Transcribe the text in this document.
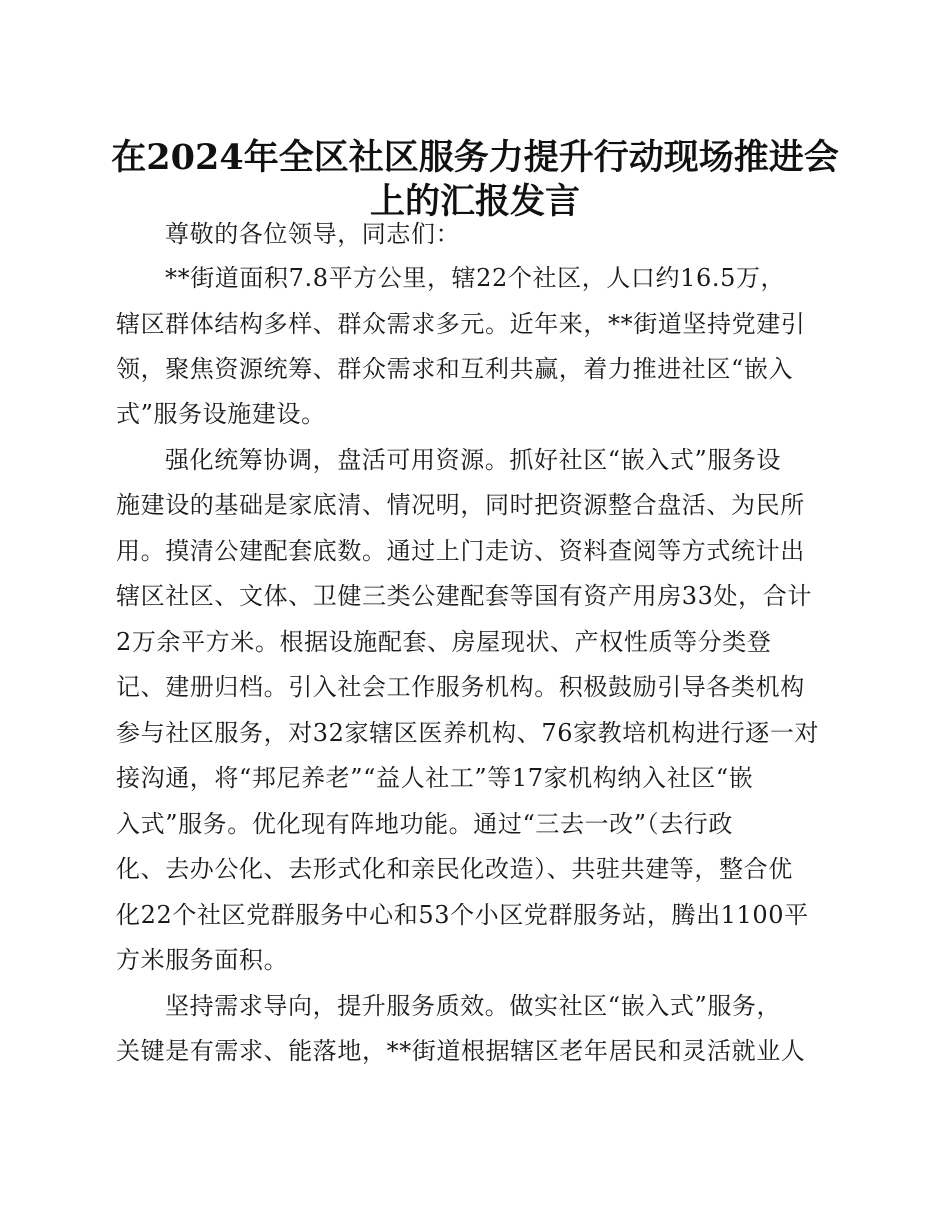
在2024年全区社区服务力提升行动现场推进会
上的汇报发言

尊敬的各位领导，同志们：

**街道面积7.8平方公里，辖22个社区，人口约16.5万，

辖区群体结构多样、群众需求多元。近年来，**街道坚持党建引

领，聚焦资源统筹、群众需求和互利共赢，着力推进社区“嵌入

式”服务设施建设。

强化统筹协调，盘活可用资源。抓好社区“嵌入式”服务设

施建设的基础是家底清、情况明，同时把资源整合盘活、为民所

用。摸清公建配套底数。通过上门走访、资料查阅等方式统计出

辖区社区、文体、卫健三类公建配套等国有资产用房33处，合计

2万余平方米。根据设施配套、房屋现状、产权性质等分类登

记、建册归档。引入社会工作服务机构。积极鼓励引导各类机构

参与社区服务，对32家辖区医养机构、76家教培机构进行逐一对

接沟通，将“邦尼养老”“益人社工”等17家机构纳入社区“嵌

入式”服务。优化现有阵地功能。通过“三去一改”（去行政

化、去办公化、去形式化和亲民化改造）、共驻共建等，整合优

化22个社区党群服务中心和53个小区党群服务站，腾出1100平

方米服务面积。

坚持需求导向，提升服务质效。做实社区“嵌入式”服务，

关键是有需求、能落地，**街道根据辖区老年居民和灵活就业人
